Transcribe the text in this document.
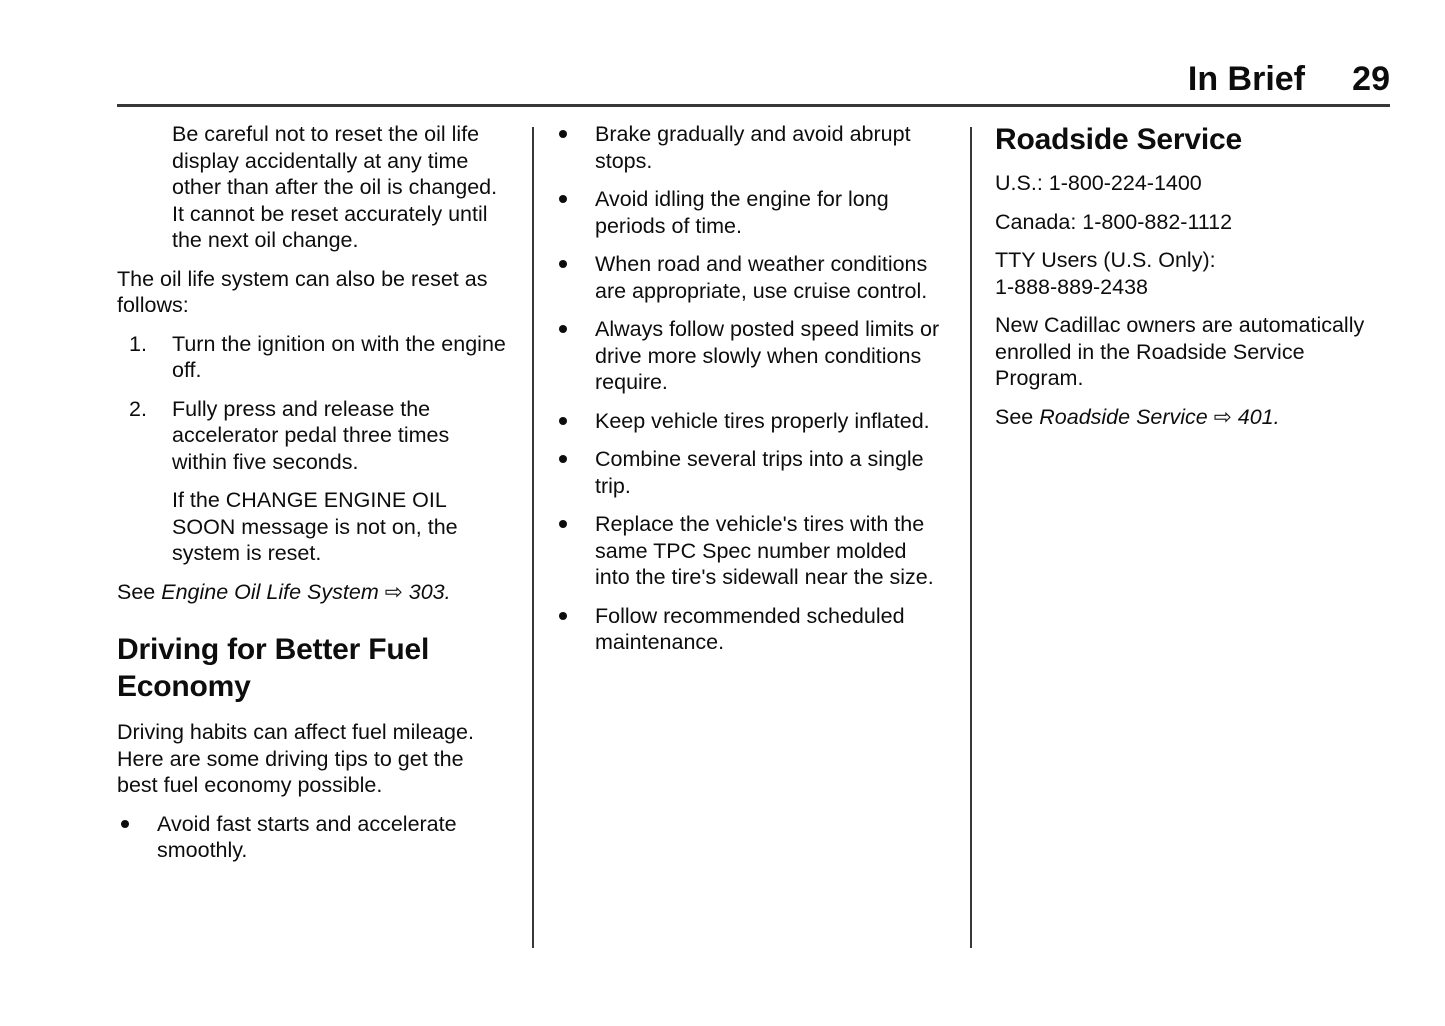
In Brief 29

Be careful not to reset the oil life display accidentally at any time other than after the oil is changed. It cannot be reset accurately until the next oil change.

The oil life system can also be reset as follows:

1.	Turn the ignition on with the engine off.
2.	Fully press and release the accelerator pedal three times within five seconds.

If the CHANGE ENGINE OIL SOON message is not on, the system is reset.

See Engine Oil Life System ⇨ 303.

Driving for Better Fuel Economy

Driving habits can affect fuel mileage. Here are some driving tips to get the best fuel economy possible.

Avoid fast starts and accelerate smoothly.
Brake gradually and avoid abrupt stops.
Avoid idling the engine for long periods of time.
When road and weather conditions are appropriate, use cruise control.
Always follow posted speed limits or drive more slowly when conditions require.
Keep vehicle tires properly inflated.
Combine several trips into a single trip.
Replace the vehicle's tires with the same TPC Spec number molded into the tire's sidewall near the size.
Follow recommended scheduled maintenance.
Roadside Service

U.S.: 1-800-224-1400

Canada: 1-800-882-1112

TTY Users (U.S. Only):
1-888-889-2438

New Cadillac owners are automatically enrolled in the Roadside Service Program.

See Roadside Service ⇨ 401.
